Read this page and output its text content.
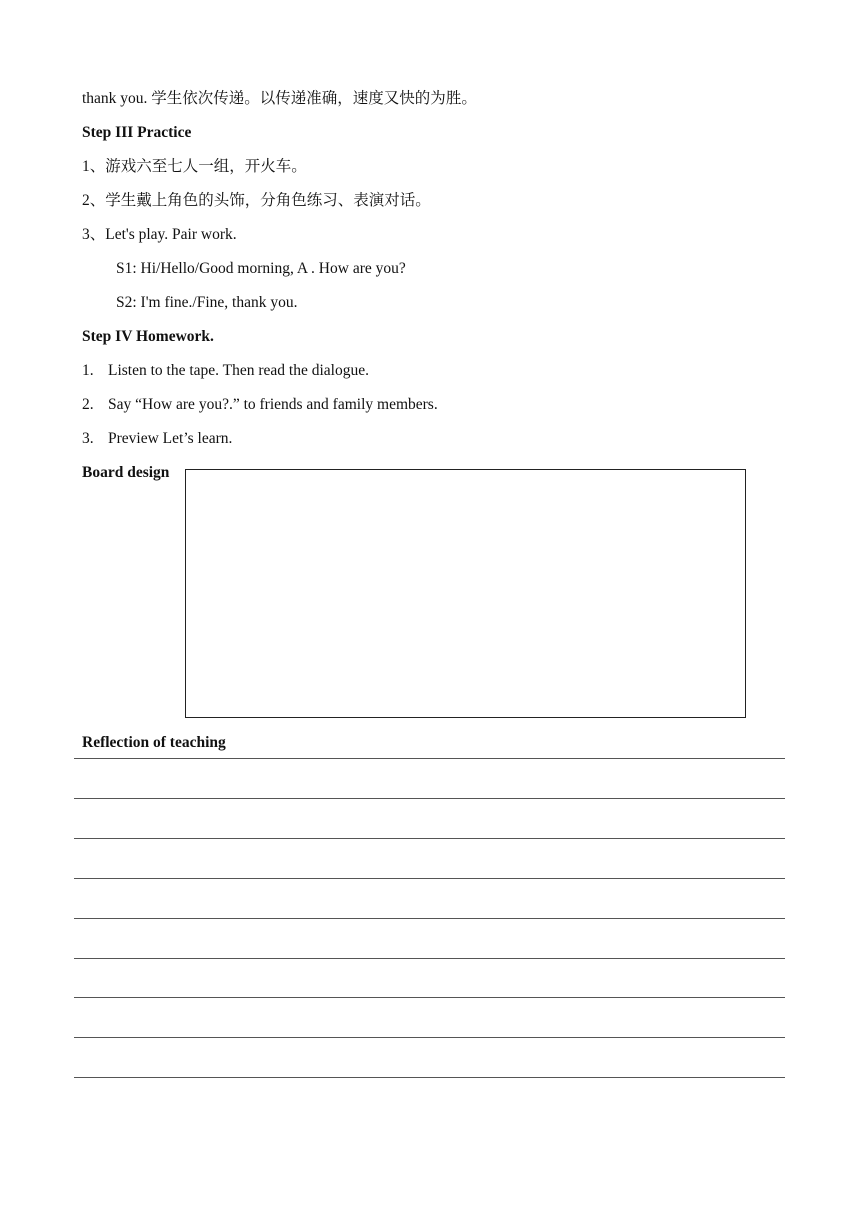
thank you. 学生依次传递。以传递准确，速度又快的为胜。
Step III Practice
1、游戏六至七人一组，开火车。
2、学生戴上角色的头饰，分角色练习、表演对话。
3、Let's play. Pair work.
S1: Hi/Hello/Good morning, A . How are you?
S2: I'm fine./Fine, thank you.
Step IV Homework.
1. Listen to the tape. Then read the dialogue.
2. Say “How are you?.” to friends and family members.
3. Preview Let’s learn.
Board design
Reflection of teaching
